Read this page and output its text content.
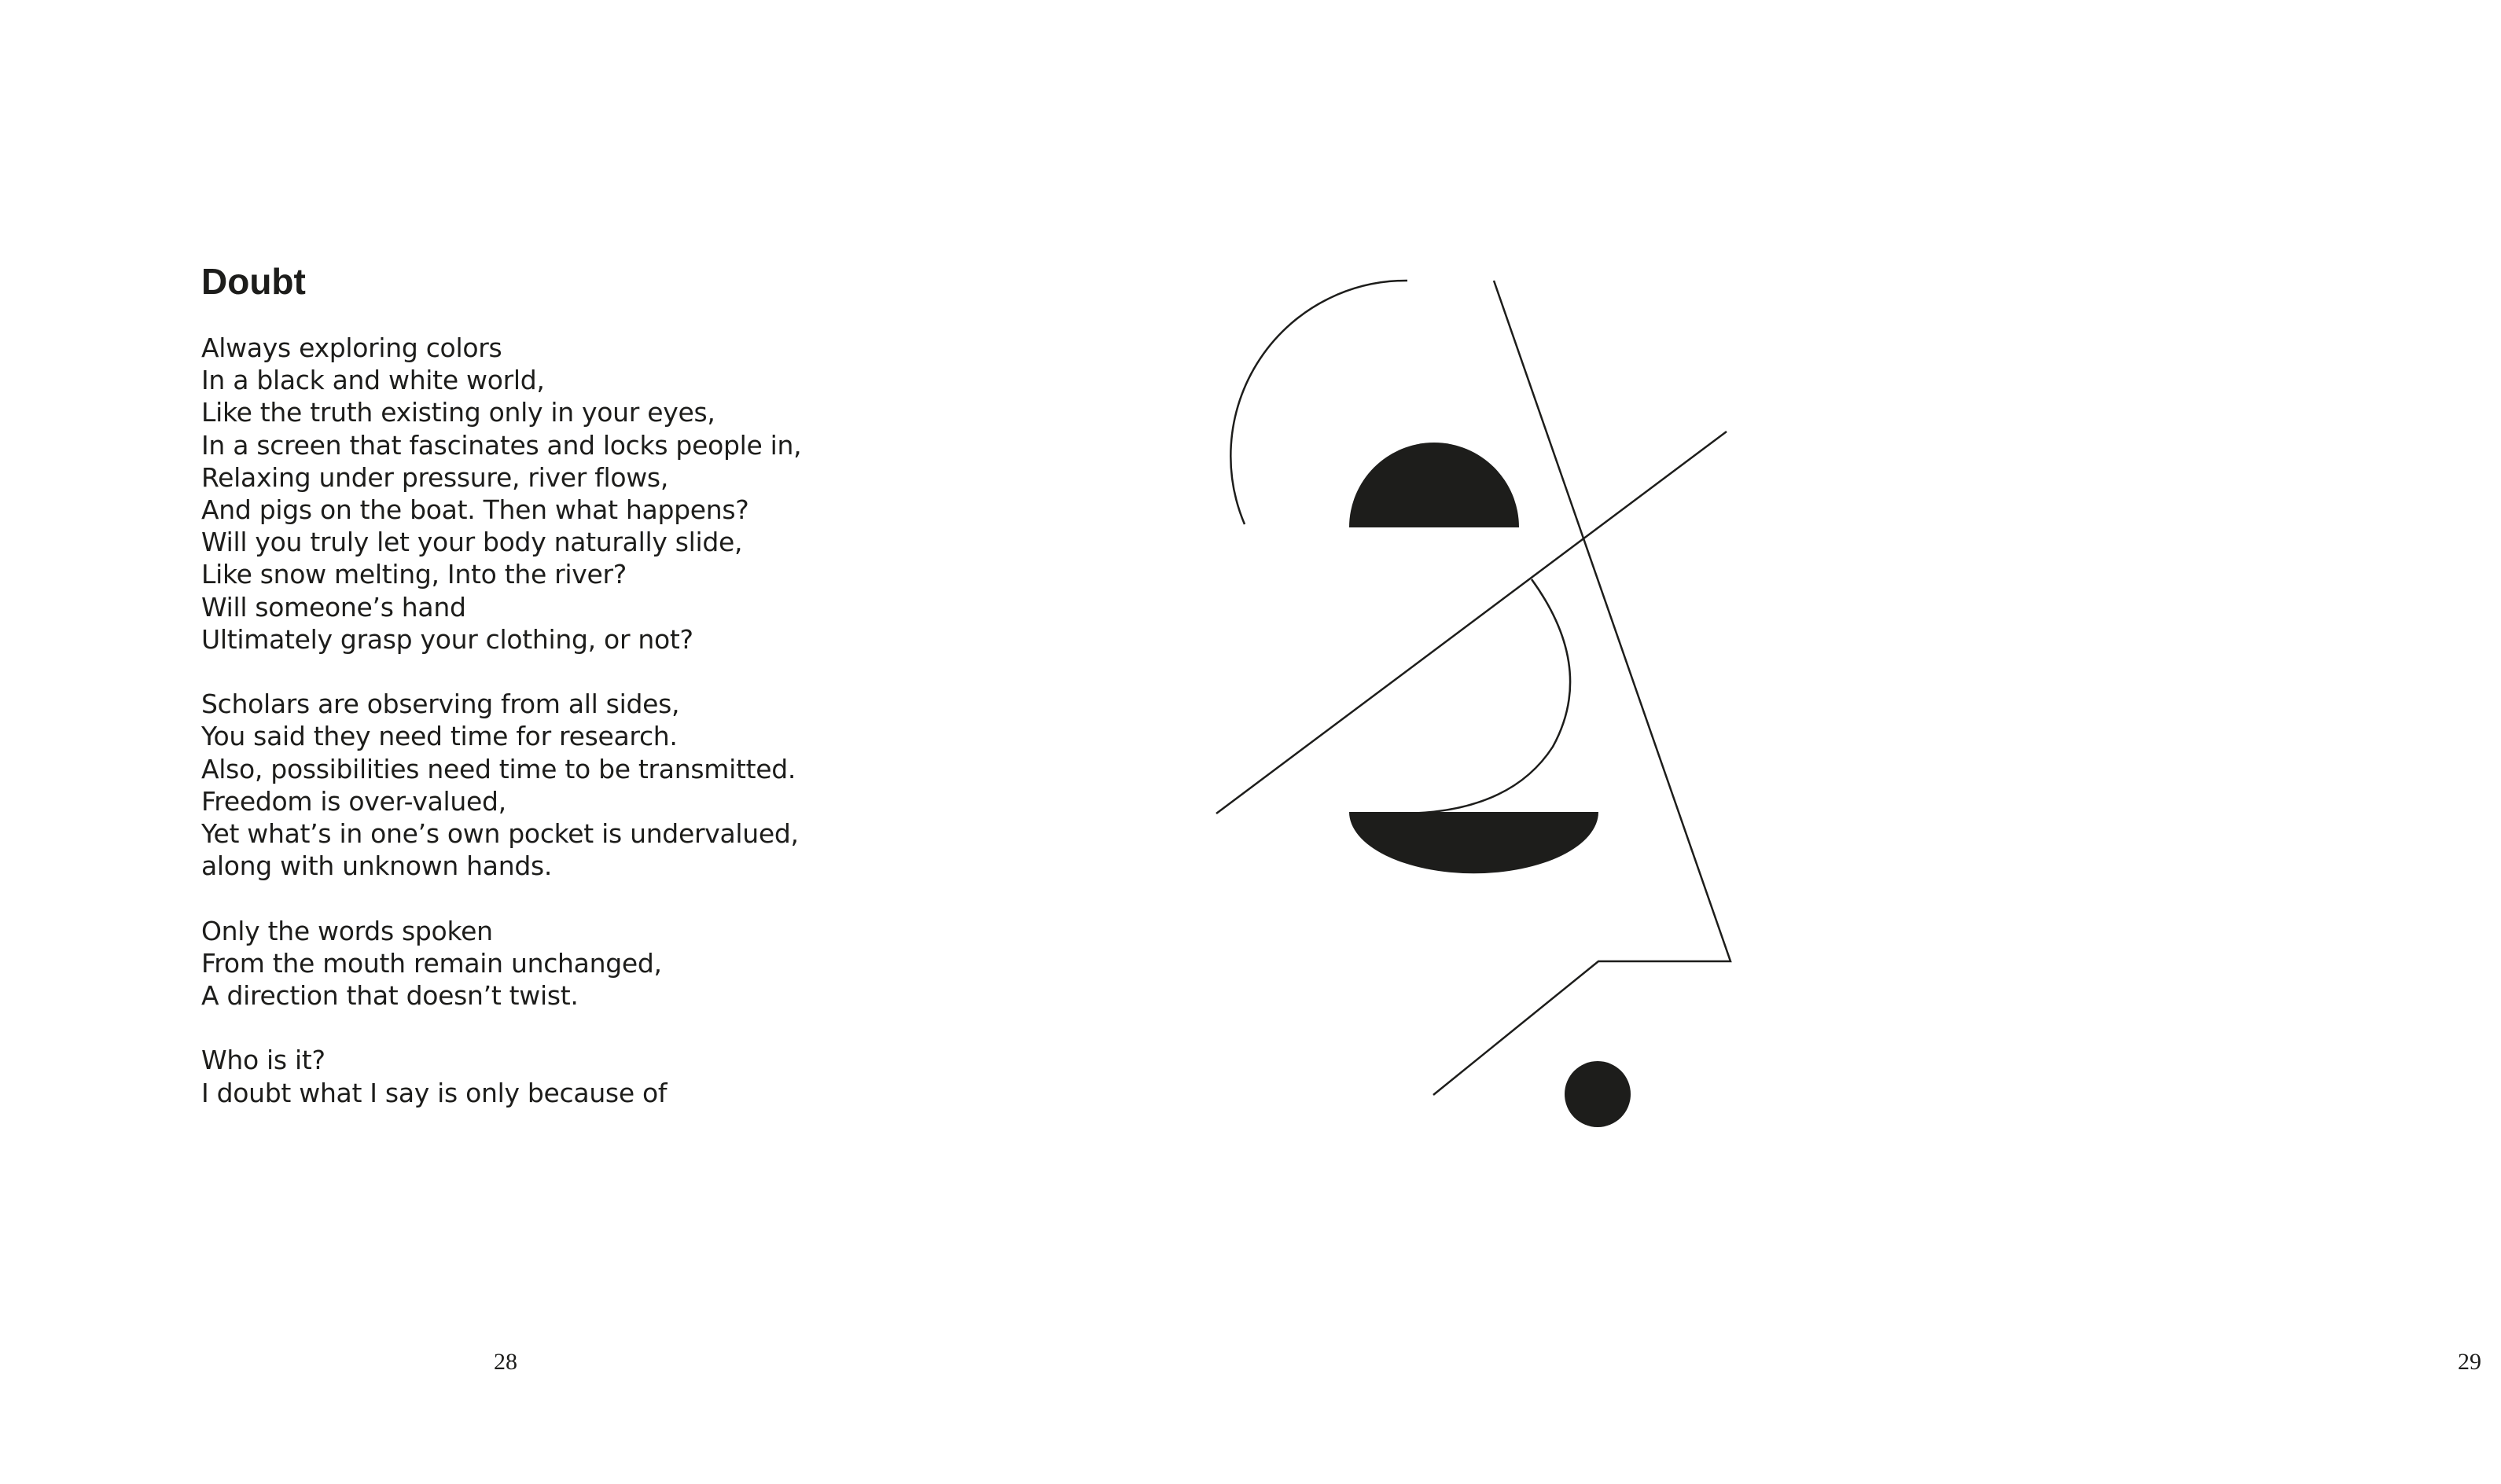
Doubt
Always exploring colors
In a black and white world,
Like the truth existing only in your eyes,
In a screen that fascinates and locks people in,
Relaxing under pressure, river flows,
And pigs on the boat. Then what happens?
Will you truly let your body naturally slide,
Like snow melting, Into the river?
Will someone’s hand
Ultimately grasp your clothing, or not?
Scholars are observing from all sides,
You said they need time for research.
Also, possibilities need time to be transmitted.
Freedom is over-valued,
Yet what’s in one’s own pocket is undervalued,
along with unknown hands.
Only the words spoken
From the mouth remain unchanged,
A direction that doesn’t twist.
Who is it?
I doubt what I say is only because of
28	29
